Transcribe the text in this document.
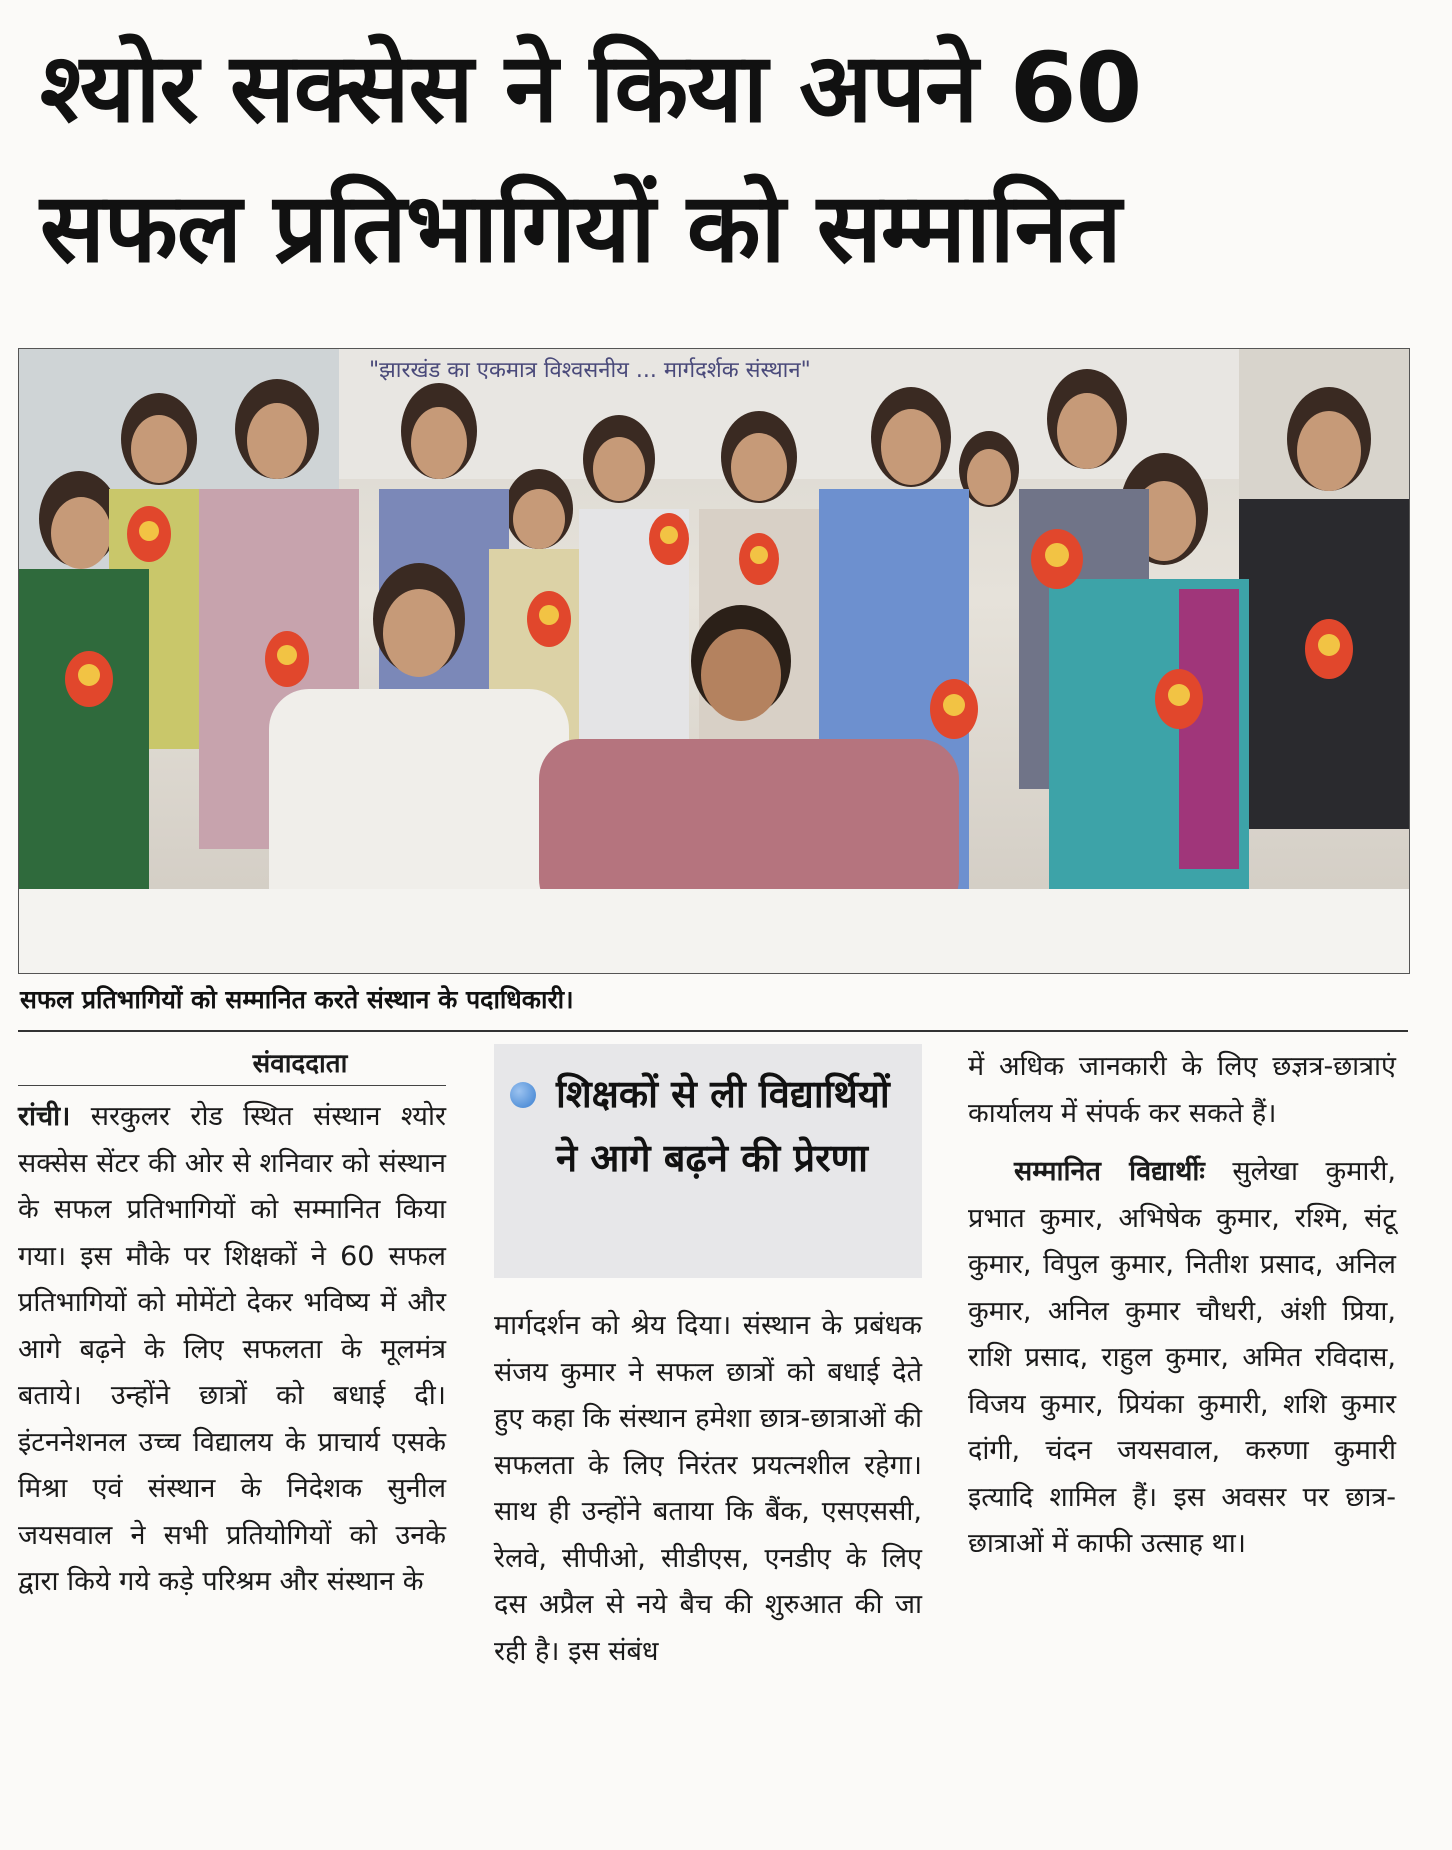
श्योर सक्सेस ने किया अपने 60
सफल प्रतिभागियों को सम्मानित
"झारखंड का एकमात्र विश्वसनीय ... मार्गदर्शक संस्थान"
सफल प्रतिभागियों को सम्मानित करते संस्थान के पदाधिकारी।
संवाददाता
रांची। सरकुलर रोड स्थित संस्थान श्योर सक्सेस सेंटर की ओर से शनिवार को संस्थान के सफल प्रतिभागियों को सम्मानित किया गया। इस मौके पर शिक्षकों ने 60 सफल प्रतिभागियों को मोमेंटो देकर भविष्य में और आगे बढ़ने के लिए सफलता के मूलमंत्र बताये। उन्होंने छात्रों को बधाई दी। इंटननेशनल उच्च विद्यालय के प्राचार्य एसके मिश्रा एवं संस्थान के निदेशक सुनील जयसवाल ने सभी प्रतियोगियों को उनके द्वारा किये गये कड़े परिश्रम और संस्थान के
शिक्षकों से ली विद्यार्थियों ने आगे बढ़ने की प्रेरणा
मार्गदर्शन को श्रेय दिया। संस्थान के प्रबंधक संजय कुमार ने सफल छात्रों को बधाई देते हुए कहा कि संस्थान हमेशा छात्र-छात्राओं की सफलता के लिए निरंतर प्रयत्नशील रहेगा। साथ ही उन्होंने बताया कि बैंक, एसएससी, रेलवे, सीपीओ, सीडीएस, एनडीए के लिए दस अप्रैल से नये बैच की शुरुआत की जा रही है। इस संबंध
में अधिक जानकारी के लिए छज्ञत्र-छात्राएं कार्यालय में संपर्क कर सकते हैं।
सम्मानित विद्यार्थीः सुलेखा कुमारी, प्रभात कुमार, अभिषेक कुमार, रश्मि, संटू कुमार, विपुल कुमार, नितीश प्रसाद, अनिल कुमार, अनिल कुमार चौधरी, अंशी प्रिया, राशि प्रसाद, राहुल कुमार, अमित रविदास, विजय कुमार, प्रियंका कुमारी, शशि कुमार दांगी, चंदन जयसवाल, करुणा कुमारी इत्यादि शामिल हैं। इस अवसर पर छात्र-छात्राओं में काफी उत्साह था।
